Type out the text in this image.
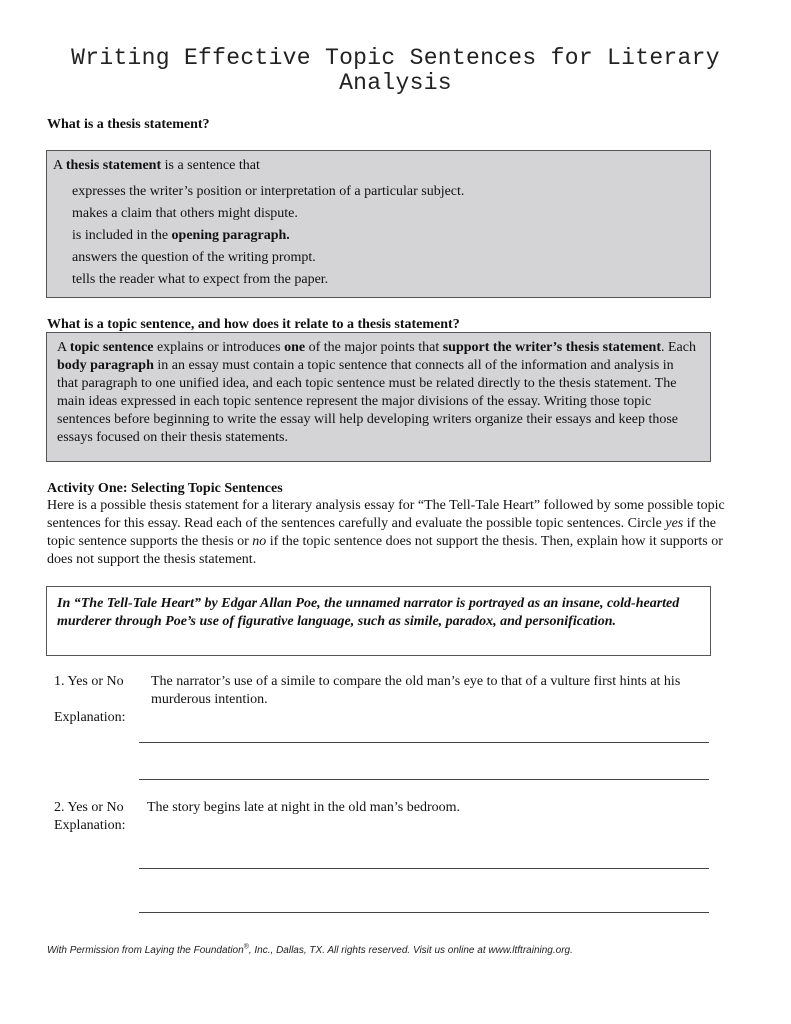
Writing Effective Topic Sentences for Literary
Analysis
What is a thesis statement?
A thesis statement is a sentence that
expresses the writer’s position or interpretation of a particular subject.
makes a claim that others might dispute.
is included in the opening paragraph.
answers the question of the writing prompt.
tells the reader what to expect from the paper.
What is a topic sentence, and how does it relate to a thesis statement?
A topic sentence explains or introduces one of the major points that support the writer’s thesis statement. Each body paragraph in an essay must contain a topic sentence that connects all of the information and analysis in that paragraph to one unified idea, and each topic sentence must be related directly to the thesis statement. The main ideas expressed in each topic sentence represent the major divisions of the essay. Writing those topic sentences before beginning to write the essay will help developing writers organize their essays and keep those essays focused on their thesis statements.
Activity One: Selecting Topic Sentences
Here is a possible thesis statement for a literary analysis essay for “The Tell-Tale Heart” followed by some possible topic sentences for this essay. Read each of the sentences carefully and evaluate the possible topic sentences. Circle yes if the topic sentence supports the thesis or no if the topic sentence does not support the thesis. Then, explain how it supports or does not support the thesis statement.
In “The Tell-Tale Heart” by Edgar Allan Poe, the unnamed narrator is portrayed as an insane, cold-hearted murderer through Poe’s use of figurative language, such as simile, paradox, and personification.
1. Yes or No The narrator’s use of a simile to compare the old man’s eye to that of a vulture first hints at his murderous intention.
Explanation:
2. Yes or No The story begins late at night in the old man’s bedroom.
Explanation:
With Permission from Laying the Foundation®, Inc., Dallas, TX. All rights reserved. Visit us online at www.ltftraining.org.
